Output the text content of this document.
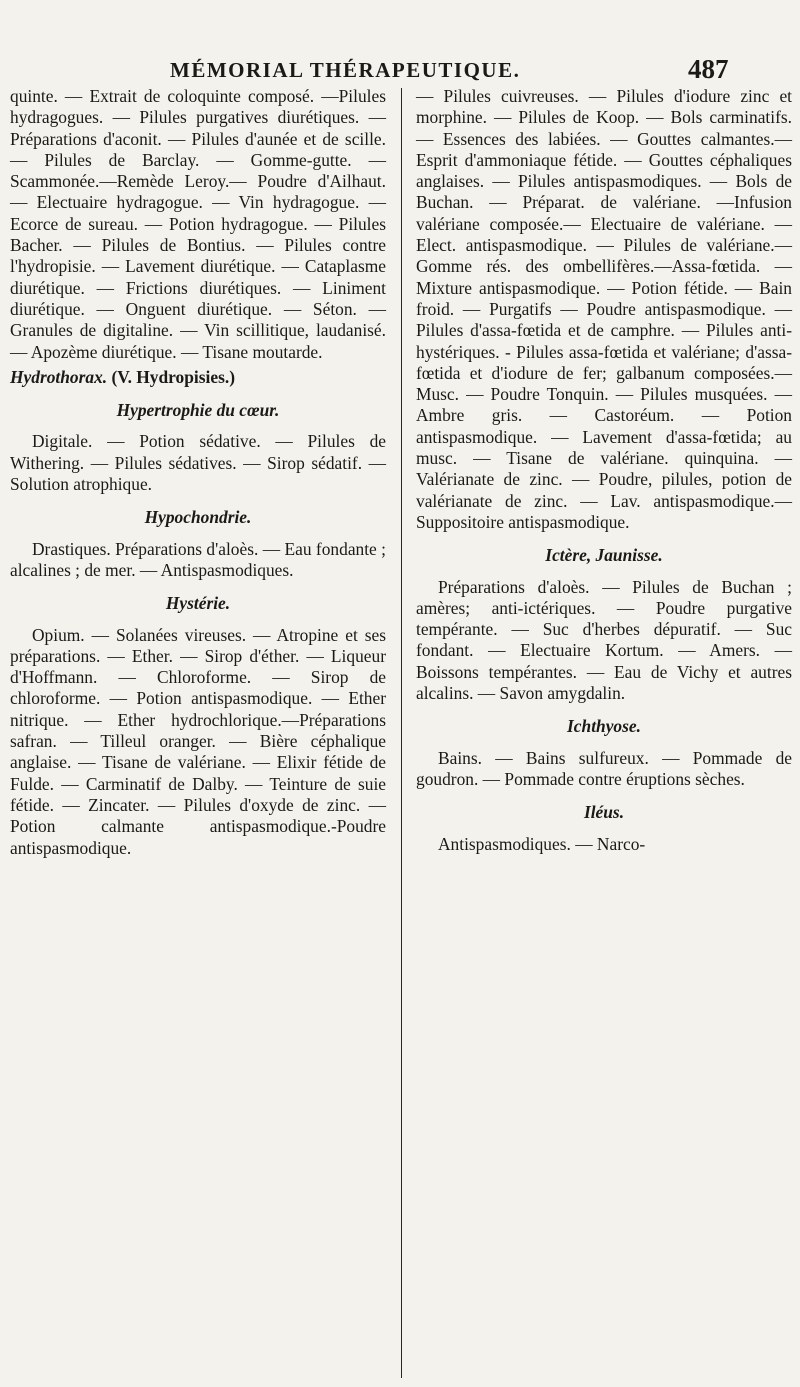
MÉMORIAL THÉRAPEUTIQUE.	487

quinte. — Extrait de coloquinte composé. —Pilules hydragogues. — Pilules purgatives diurétiques. — Préparations d'aconit. — Pilules d'aunée et de scille. — Pilules de Barclay. — Gomme-gutte. — Scammonée.—Remède Leroy.— Poudre d'Ailhaut. — Electuaire hydragogue. — Vin hydragogue. — Ecorce de sureau. — Potion hydragogue. — Pilules Bacher. — Pilules de Bontius. — Pilules contre l'hydropisie. — Lavement diurétique. — Cataplasme diurétique. — Frictions diurétiques. — Liniment diurétique. — Onguent diurétique. — Séton. — Granules de digitaline. — Vin scillitique, laudanisé. — Apozème diurétique. — Tisane moutarde.

Hydrothorax. (V. Hydropisies.)

Hypertrophie du cœur.

Digitale. — Potion sédative. — Pilules de Withering. — Pilules sédatives. — Sirop sédatif. — Solution atrophique.

Hypochondrie.

Drastiques. Préparations d'aloès. — Eau fondante ; alcalines ; de mer. — Antispasmodiques.

Hystérie.

Opium. — Solanées vireuses. — Atropine et ses préparations. — Ether. — Sirop d'éther. — Liqueur d'Hoffmann. — Chloroforme. — Sirop de chloroforme. — Potion antispasmodique. — Ether nitrique. — Ether hydrochlorique.—Préparations safran. — Tilleul oranger. — Bière céphalique anglaise. — Tisane de valériane. — Elixir fétide de Fulde. — Carminatif de Dalby. — Teinture de suie fétide. — Zincater. — Pilules d'oxyde de zinc. — Potion calmante antispasmodique.-Poudre antispasmodique.

— Pilules cuivreuses. — Pilules d'iodure zinc et morphine. — Pilules de Koop. — Bols carminatifs. — Essences des labiées. — Gouttes calmantes.—Esprit d'ammoniaque fétide. — Gouttes céphaliques anglaises. — Pilules antispasmodiques. — Bols de Buchan. — Préparat. de valériane. —Infusion valériane composée.— Electuaire de valériane. — Elect. antispasmodique. — Pilules de valériane.— Gomme rés. des ombellifères.—Assa-fœtida. — Mixture antispasmodique. — Potion fétide. — Bain froid. — Purgatifs — Poudre antispasmodique. — Pilules d'assa-fœtida et de camphre. — Pilules anti-hystériques. - Pilules assa-fœtida et valériane; d'assa-fœtida et d'iodure de fer; galbanum composées.— Musc. — Poudre Tonquin. — Pilules musquées. — Ambre gris. — Castoréum. — Potion antispasmodique. — Lavement d'assa-fœtida; au musc. — Tisane de valériane. quinquina. —Valérianate de zinc. — Poudre, pilules, potion de valérianate de zinc. — Lav. antispasmodique.—Suppositoire antispasmodique.

Ictère, Jaunisse.

Préparations d'aloès. — Pilules de Buchan ; amères; anti-ictériques. — Poudre purgative tempérante. — Suc d'herbes dépuratif. — Suc fondant. — Electuaire Kortum. — Amers. — Boissons tempérantes. — Eau de Vichy et autres alcalins. — Savon amygdalin.

Ichthyose.

Bains. — Bains sulfureux. — Pommade de goudron. — Pommade contre éruptions sèches.

Iléus.

Antispasmodiques. — Narco-
